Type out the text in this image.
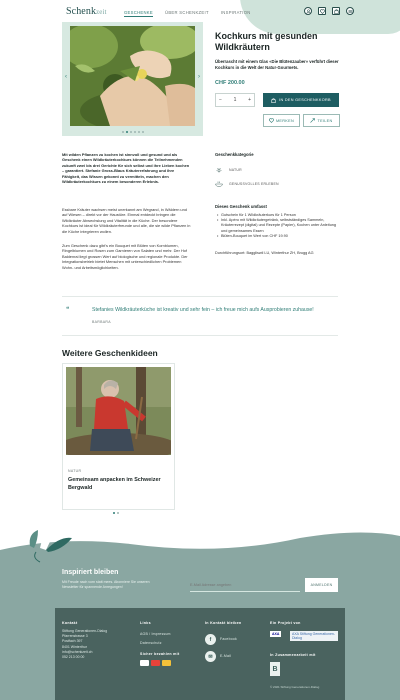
Schenkzeit	GESCHENKE	ÜBER SCHENKZEIT	INSPIRATION
‹	›
Kochkurs mit gesunden Wildkräutern
Überrascht mit einem Glas «Die Blütenzauber» verführt dieser Kochkurs in die Welt der Natur-Gourmets.
CHF 200.00
− 1 +	IN DEN GESCHENKKORB
MERKEN	TEILEN
Mit wilden Pflanzen zu kochen ist sinnvoll und gesund und als Geschenk einen Wildkräuterkochkurs können die Teilnehmenden zukunft zwei bis drei Gerichte für sich selbst und ihre Lieben kochen – garantiert. Stefanie Gross-Blaus Kräutererfahrung und ihre Fähigkeit, das Wissen gekonnt zu vermitteln, machen den Wildkräuterkochkurs zu einem besonderen Erlebnis.
Essbare Kräuter wachsen meist unerkannt am Wegrand, in Wäldern und auf Wiesen – direkt vor der Haustüre. Einmal entdeckt bringen die Wildkräuter Abwechslung und Vitalität in die Küche. Der besondere Kochkurs ist ideal für Wildkräuterfreunde und alle, die sie wilde Pflanzen in die Küche integrieren wollen.
Zum Geschenk dazu gibt's ein Bouquet mit Blüten von Kornblumen, Ringelblumen und Rosen zum Garnieren von Salaten und mehr. Der Hof Baldenrai liegt grossen Wert auf biologische und regionale Produkte. Der Integrationsbetrieb bietet Menschen mit unterschiedlichen Problemen Wohn- und Arbeitsmöglichkeiten.
Geschenkkategorie
NATUR
GENUSSVOLLES ERLEBEN
Dieses Geschenk umfasst
• Gutschein für 1 Wildkräuterkurs für 1 Person
• Inkl. Apéro mit Wildkräutergetränk, selbstständiges Sammeln, Kräuterrezept (digital) und Rezepte (Papier), Kochen unter Anleitung und gemeinsames Essen
• Blüten-Bouquet im Wert von CHF 19.90
Durchführungsort: Baggliswil LU, Winterthur ZH, Brugg AG
❝	Stefanies Wildkräuterküche ist kreativ und sehr fein – ich freue mich aufs Ausprobieren zuhause!
BARBARA
Weitere Geschenkideen
NATUR
Gemeinsam anpacken im Schweizer Bergwald
Inspiriert bleiben
Mit Freude nach vorn statt mees. Abonniere Sie unseren Newsletter für spannende Anregungen!
E-Mail Adresse angeben	ANMELDEN
Kontakt
Stiftung Generationen-Dialog
Pfarrenstrasse 3
Postfach 397
8401 Winterthur
info@schenkzeit.ch
052 213 00 00
Links
AGB / Impressum
Datenschutz
Sicher bezahlen mit
In Kontakt bleiben
f	Facebook
✉	E-Mail
Ein Projekt von
AXA	AXA Stiftung Generationen-Dialog
In Zusammenarbeit mit
B
© 2021 Stiftung Generationen-Dialog
